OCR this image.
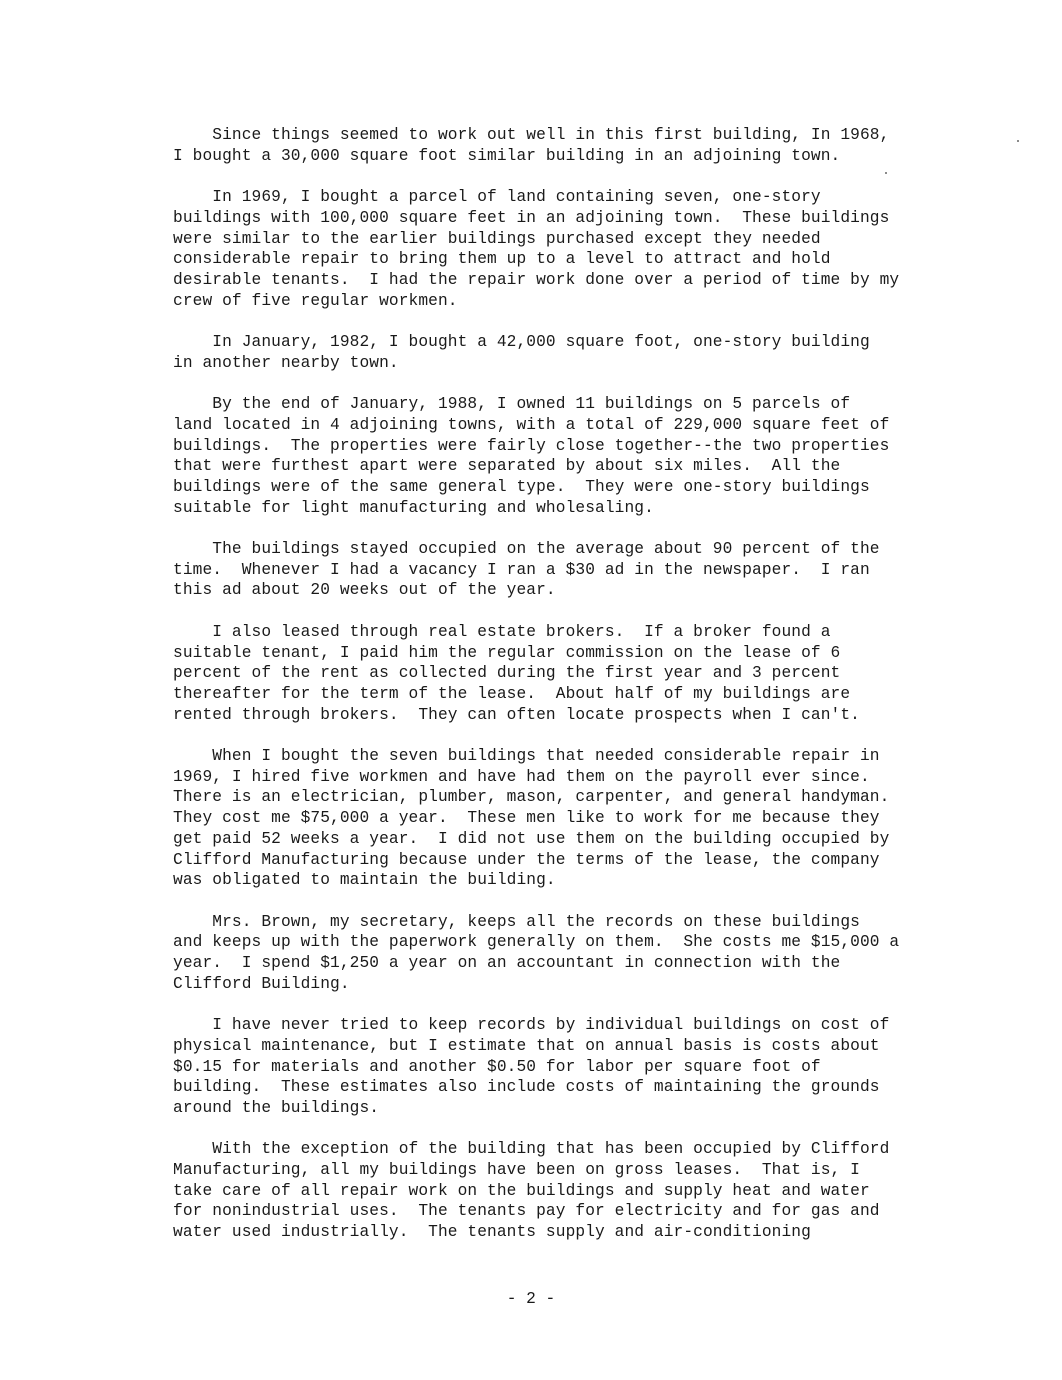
Since things seemed to work out well in this first building, In 1968,
I bought a 30,000 square foot similar building in an adjoining town.

In 1969, I bought a parcel of land containing seven, one-story
buildings with 100,000 square feet in an adjoining town.  These buildings
were similar to the earlier buildings purchased except they needed
considerable repair to bring them up to a level to attract and hold
desirable tenants.  I had the repair work done over a period of time by my
crew of five regular workmen.

In January, 1982, I bought a 42,000 square foot, one-story building
in another nearby town.

By the end of January, 1988, I owned 11 buildings on 5 parcels of
land located in 4 adjoining towns, with a total of 229,000 square feet of
buildings.  The properties were fairly close together--the two properties
that were furthest apart were separated by about six miles.  All the
buildings were of the same general type.  They were one-story buildings
suitable for light manufacturing and wholesaling.

The buildings stayed occupied on the average about 90 percent of the
time.  Whenever I had a vacancy I ran a $30 ad in the newspaper.  I ran
this ad about 20 weeks out of the year.

I also leased through real estate brokers.  If a broker found a
suitable tenant, I paid him the regular commission on the lease of 6
percent of the rent as collected during the first year and 3 percent
thereafter for the term of the lease.  About half of my buildings are
rented through brokers.  They can often locate prospects when I can't.

When I bought the seven buildings that needed considerable repair in
1969, I hired five workmen and have had them on the payroll ever since.
There is an electrician, plumber, mason, carpenter, and general handyman.
They cost me $75,000 a year.  These men like to work for me because they
get paid 52 weeks a year.  I did not use them on the building occupied by
Clifford Manufacturing because under the terms of the lease, the company
was obligated to maintain the building.

Mrs. Brown, my secretary, keeps all the records on these buildings
and keeps up with the paperwork generally on them.  She costs me $15,000 a
year.  I spend $1,250 a year on an accountant in connection with the
Clifford Building.

I have never tried to keep records by individual buildings on cost of
physical maintenance, but I estimate that on annual basis is costs about
$0.15 for materials and another $0.50 for labor per square foot of
building.  These estimates also include costs of maintaining the grounds
around the buildings.

With the exception of the building that has been occupied by Clifford
Manufacturing, all my buildings have been on gross leases.  That is, I
take care of all repair work on the buildings and supply heat and water
for nonindustrial uses.  The tenants pay for electricity and for gas and
water used industrially.  The tenants supply and air-conditioning

- 2 -
